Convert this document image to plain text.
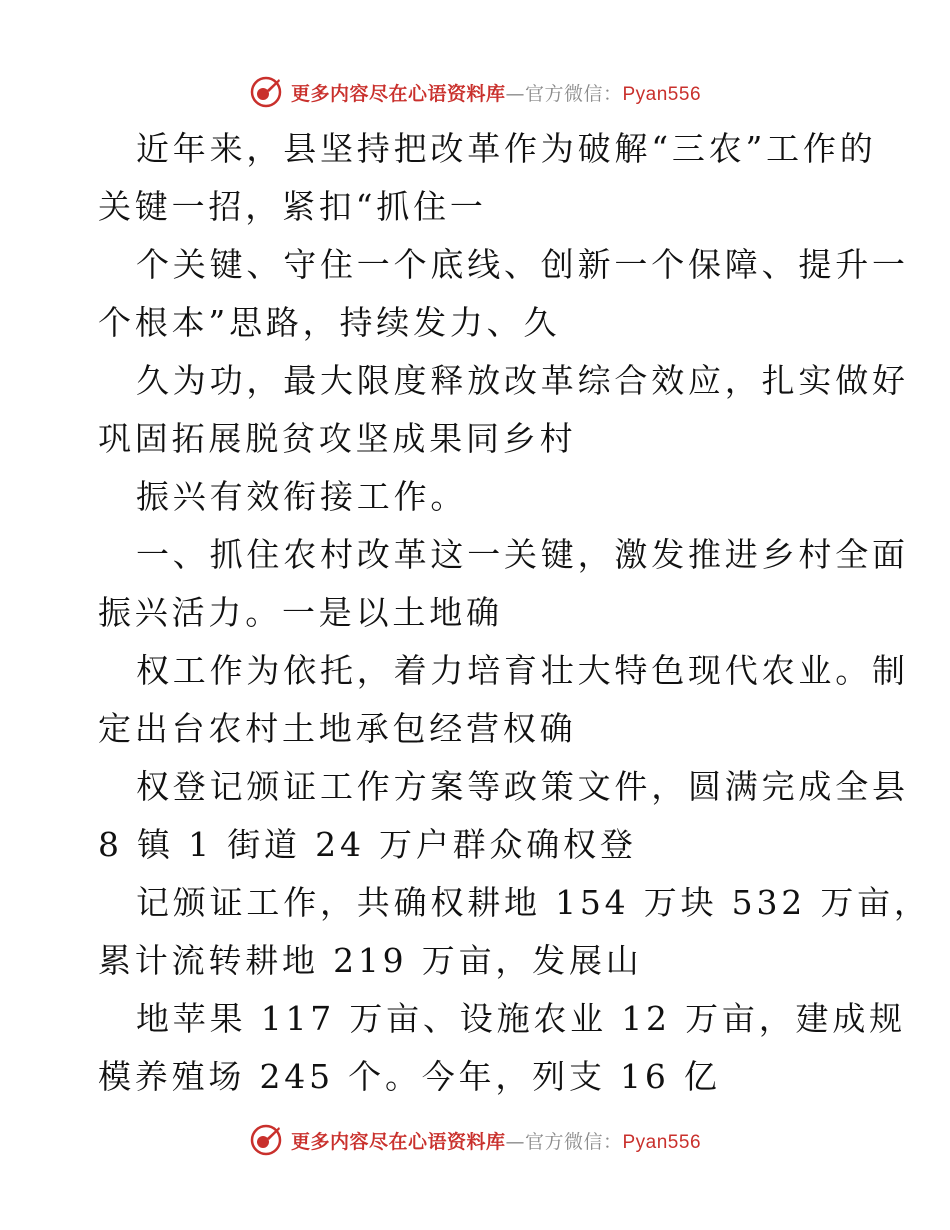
更多内容尽在心语资料库—官方微信：Pyan556
近年来，县坚持把改革作为破解“三农”工作的
关键一招，紧扣“抓住一
个关键、守住一个底线、创新一个保障、提升一
个根本”思路，持续发力、久
久为功，最大限度释放改革综合效应，扎实做好
巩固拓展脱贫攻坚成果同乡村
振兴有效衔接工作。
一、抓住农村改革这一关键，激发推进乡村全面
振兴活力。一是以土地确
权工作为依托，着力培育壮大特色现代农业。制
定出台农村土地承包经营权确
权登记颁证工作方案等政策文件，圆满完成全县
8 镇 1 街道 24 万户群众确权登
记颁证工作，共确权耕地 154 万块 532 万亩，
累计流转耕地 219 万亩，发展山
地苹果 117 万亩、设施农业 12 万亩，建成规
模养殖场 245 个。今年，列支 16 亿
更多内容尽在心语资料库—官方微信：Pyan556
